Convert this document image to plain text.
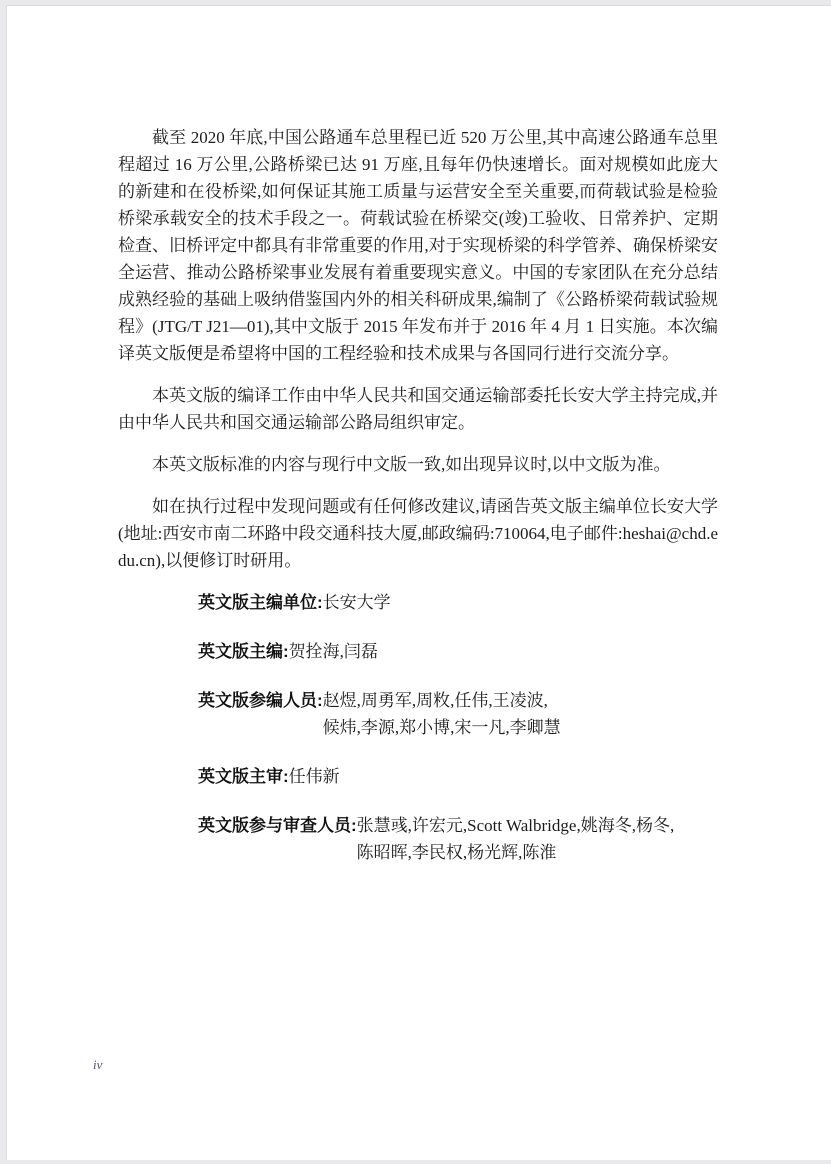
截至 2020 年底,中国公路通车总里程已近 520 万公里,其中高速公路通车总里程超过 16 万公里,公路桥梁已达 91 万座,且每年仍快速增长。面对规模如此庞大的新建和在役桥梁,如何保证其施工质量与运营安全至关重要,而荷载试验是检验桥梁承载安全的技术手段之一。荷载试验在桥梁交(竣)工验收、日常养护、定期检查、旧桥评定中都具有非常重要的作用,对于实现桥梁的科学管养、确保桥梁安全运营、推动公路桥梁事业发展有着重要现实意义。中国的专家团队在充分总结成熟经验的基础上吸纳借鉴国内外的相关科研成果,编制了《公路桥梁荷载试验规程》(JTG/T J21—01),其中文版于 2015 年发布并于 2016 年 4 月 1 日实施。本次编译英文版便是希望将中国的工程经验和技术成果与各国同行进行交流分享。

本英文版的编译工作由中华人民共和国交通运输部委托长安大学主持完成,并由中华人民共和国交通运输部公路局组织审定。

本英文版标准的内容与现行中文版一致,如出现异议时,以中文版为准。

如在执行过程中发现问题或有任何修改建议,请函告英文版主编单位长安大学(地址:西安市南二环路中段交通科技大厦,邮政编码:710064,电子邮件:heshai@chd.edu.cn),以便修订时研用。

英文版主编单位: 长安大学
英文版主编: 贺拴海,闫磊
英文版参编人员: 赵煜,周勇军,周敉,任伟,王凌波,
候炜,李源,郑小博,宋一凡,李卿慧
英文版主审: 任伟新
英文版参与审查人员: 张慧彧,许宏元,Scott Walbridge,姚海冬,杨冬,
陈昭晖,李民权,杨光辉,陈淮
iv
